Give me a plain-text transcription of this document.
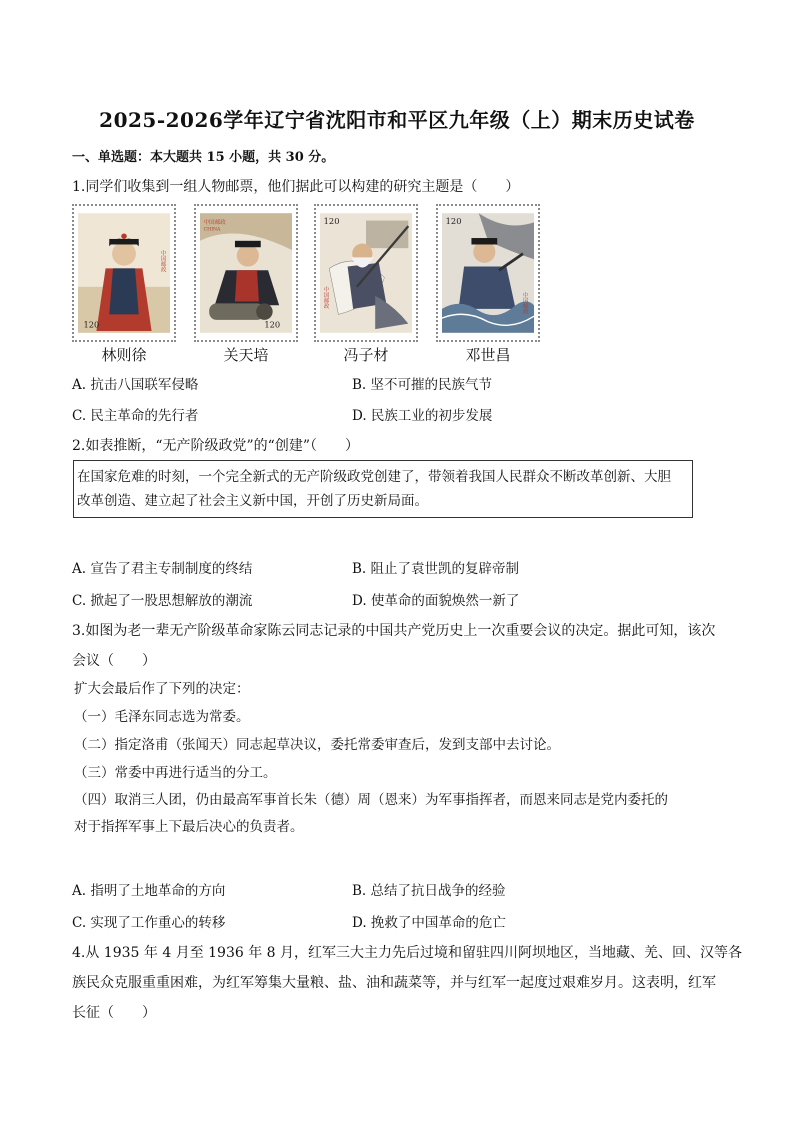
2025-2026学年辽宁省沈阳市和平区九年级（上）期末历史试卷
一、单选题：本大题共 15 小题，共 30 分。
1.同学们收集到一组人物邮票，他们据此可以构建的研究主题是（　　）
120
中国邮政
120
中国邮政
CHINA
120
中国邮政
120
中国邮政
林则徐	关天培	冯子材	邓世昌
A. 抗击八国联军侵略	B. 坚不可摧的民族气节
C. 民主革命的先行者	D. 民族工业的初步发展
2.如表推断，“无产阶级政党”的“创建”（　　）
在国家危难的时刻，一个完全新式的无产阶级政党创建了，带领着我国人民群众不断改革创新、大胆
改革创造、建立起了社会主义新中国，开创了历史新局面。
A. 宣告了君主专制制度的终结	B. 阻止了袁世凯的复辟帝制
C. 掀起了一股思想解放的潮流	D. 使革命的面貌焕然一新了
3.如图为老一辈无产阶级革命家陈云同志记录的中国共产党历史上一次重要会议的决定。据此可知，该次
会议（　　）
扩大会最后作了下列的决定：
（一）毛泽东同志选为常委。
（二）指定洛甫（张闻天）同志起草决议，委托常委审查后，发到支部中去讨论。
（三）常委中再进行适当的分工。
（四）取消三人团，仍由最高军事首长朱（德）周（恩来）为军事指挥者，而恩来同志是党内委托的
对于指挥军事上下最后决心的负责者。
A. 指明了土地革命的方向	B. 总结了抗日战争的经验
C. 实现了工作重心的转移	D. 挽救了中国革命的危亡
4.从 1935 年 4 月至 1936 年 8 月，红军三大主力先后过境和留驻四川阿坝地区，当地藏、羌、回、汉等各
族民众克服重重困难，为红军筹集大量粮、盐、油和蔬菜等，并与红军一起度过艰难岁月。这表明，红军
长征（　　）
